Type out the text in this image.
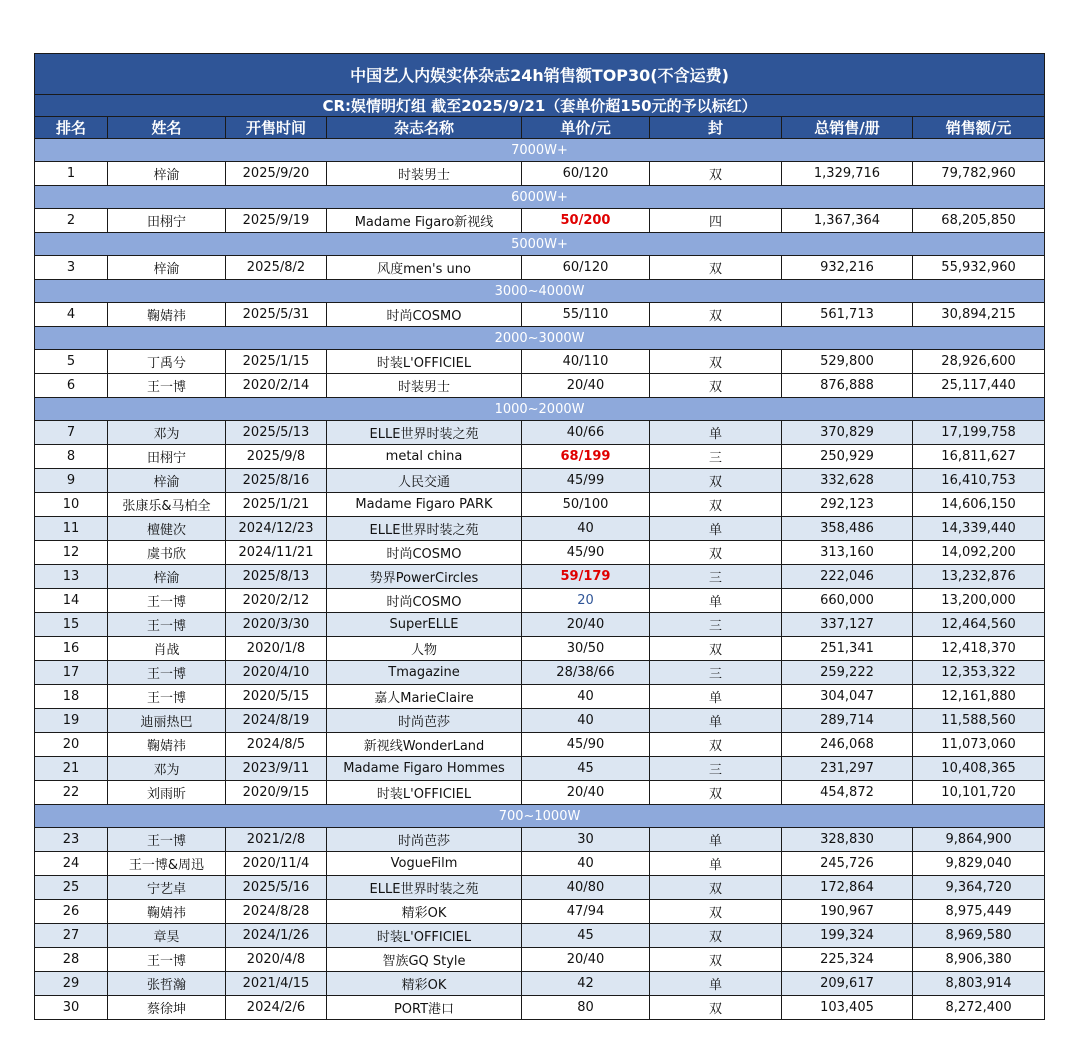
中国艺人内娱实体杂志24h销售额TOP30(不含运费)							
CR:娱情明灯组 截至2025/9/21（套单价超150元的予以标红）							
排名	姓名	开售时间	杂志名称	单价/元	封	总销售/册	销售额/元
7000W+							
1	梓渝	2025/9/20	时装男士	60/120	双	1,329,716	79,782,960
6000W+							
2	田栩宁	2025/9/19	Madame Figaro新视线	50/200	四	1,367,364	68,205,850
5000W+							
3	梓渝	2025/8/2	风度men's uno	60/120	双	932,216	55,932,960
3000~4000W							
4	鞠婧祎	2025/5/31	时尚COSMO	55/110	双	561,713	30,894,215
2000~3000W							
5	丁禹兮	2025/1/15	时装L'OFFICIEL	40/110	双	529,800	28,926,600
6	王一博	2020/2/14	时装男士	20/40	双	876,888	25,117,440
1000~2000W							
7	邓为	2025/5/13	ELLE世界时装之苑	40/66	单	370,829	17,199,758
8	田栩宁	2025/9/8	metal china	68/199	三	250,929	16,811,627
9	梓渝	2025/8/16	人民交通	45/99	双	332,628	16,410,753
10	张康乐&马柏全	2025/1/21	Madame Figaro PARK	50/100	双	292,123	14,606,150
11	檀健次	2024/12/23	ELLE世界时装之苑	40	单	358,486	14,339,440
12	虞书欣	2024/11/21	时尚COSMO	45/90	双	313,160	14,092,200
13	梓渝	2025/8/13	势界PowerCircles	59/179	三	222,046	13,232,876
14	王一博	2020/2/12	时尚COSMO	20	单	660,000	13,200,000
15	王一博	2020/3/30	SuperELLE	20/40	三	337,127	12,464,560
16	肖战	2020/1/8	人物	30/50	双	251,341	12,418,370
17	王一博	2020/4/10	Tmagazine	28/38/66	三	259,222	12,353,322
18	王一博	2020/5/15	嘉人MarieClaire	40	单	304,047	12,161,880
19	迪丽热巴	2024/8/19	时尚芭莎	40	单	289,714	11,588,560
20	鞠婧祎	2024/8/5	新视线WonderLand	45/90	双	246,068	11,073,060
21	邓为	2023/9/11	Madame Figaro Hommes	45	三	231,297	10,408,365
22	刘雨昕	2020/9/15	时装L'OFFICIEL	20/40	双	454,872	10,101,720
700~1000W							
23	王一博	2021/2/8	时尚芭莎	30	单	328,830	9,864,900
24	王一博&周迅	2020/11/4	VogueFilm	40	单	245,726	9,829,040
25	宁艺卓	2025/5/16	ELLE世界时装之苑	40/80	双	172,864	9,364,720
26	鞠婧祎	2024/8/28	精彩OK	47/94	双	190,967	8,975,449
27	章昊	2024/1/26	时装L'OFFICIEL	45	双	199,324	8,969,580
28	王一博	2020/4/8	智族GQ Style	20/40	双	225,324	8,906,380
29	张哲瀚	2021/4/15	精彩OK	42	单	209,617	8,803,914
30	蔡徐坤	2024/2/6	PORT港口	80	双	103,405	8,272,400
